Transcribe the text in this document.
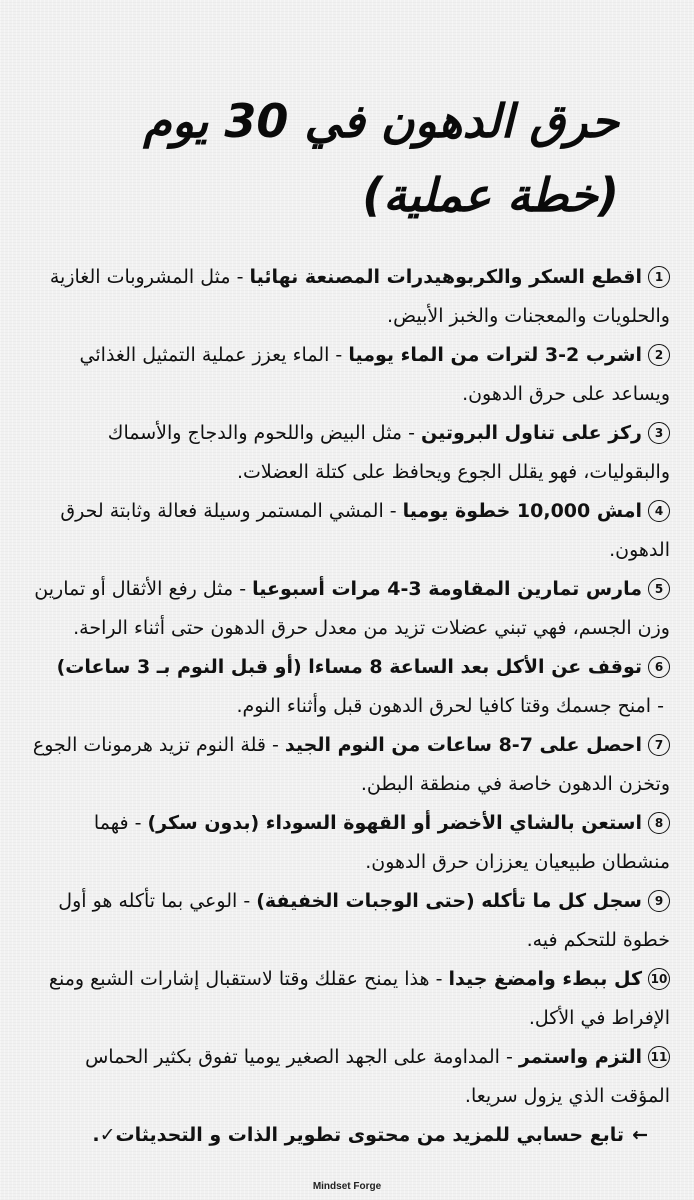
حرق الدهون في 30 يوم
(خطة عملية)

1اقطع السكر والكربوهيدرات المصنعة نهائيا - مثل المشروبات الغازية والحلويات والمعجنات والخبز الأبيض.

2اشرب 2-3 لترات من الماء يوميا - الماء يعزز عملية التمثيل الغذائي ويساعد على حرق الدهون.

3ركز على تناول البروتين - مثل البيض واللحوم والدجاج والأسماك والبقوليات، فهو يقلل الجوع ويحافظ على كتلة العضلات.

4امش 10,000 خطوة يوميا - المشي المستمر وسيلة فعالة وثابتة لحرق الدهون.

5مارس تمارين المقاومة 3-4 مرات أسبوعيا - مثل رفع الأثقال أو تمارين وزن الجسم، فهي تبني عضلات تزيد من معدل حرق الدهون حتى أثناء الراحة.

6توقف عن الأكل بعد الساعة 8 مساءا (أو قبل النوم بـ 3 ساعات) - امنح جسمك وقتا كافيا لحرق الدهون قبل وأثناء النوم.

7احصل على 7-8 ساعات من النوم الجيد - قلة النوم تزيد هرمونات الجوع وتخزن الدهون خاصة في منطقة البطن.

8استعن بالشاي الأخضر أو القهوة السوداء (بدون سكر) - فهما منشطان طبيعيان يعززان حرق الدهون.

9سجل كل ما تأكله (حتى الوجبات الخفيفة) - الوعي بما تأكله هو أول خطوة للتحكم فيه.

10كل ببطء وامضغ جيدا - هذا يمنح عقلك وقتا لاستقبال إشارات الشبع ومنع الإفراط في الأكل.

11التزم واستمر - المداومة على الجهد الصغير يوميا تفوق بكثير الحماس المؤقت الذي يزول سريعا.

←تابع حسابي للمزيد من محتوى تطوير الذات و التحديثات✓.

Mindset Forge
